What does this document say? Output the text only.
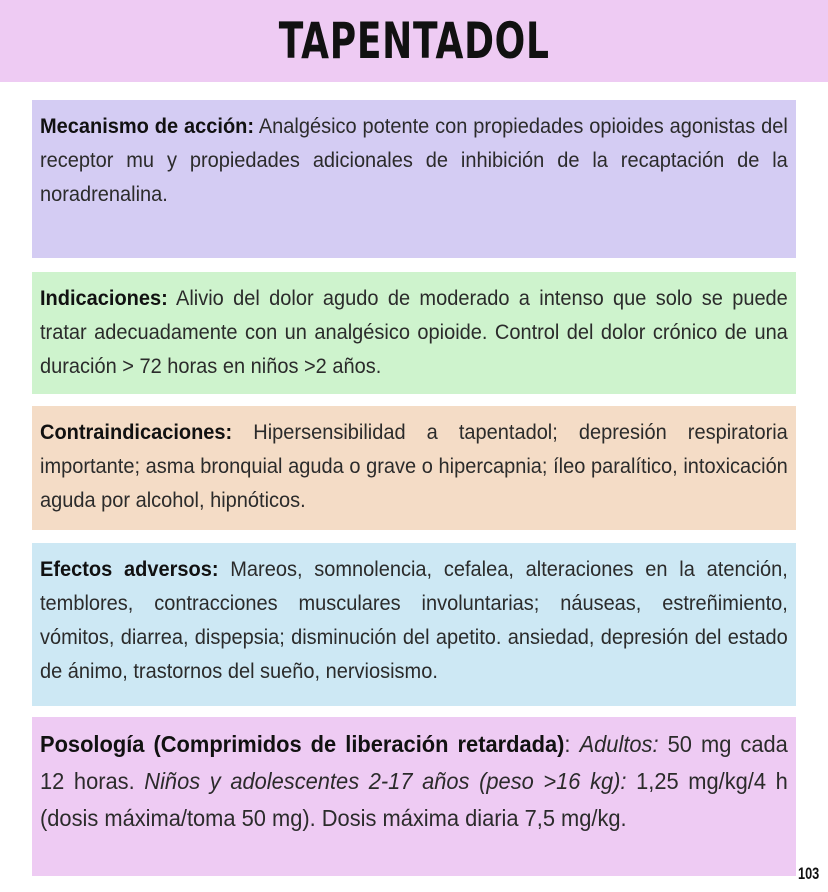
TAPENTADOL
Mecanismo de acción: Analgésico potente con propiedades opioides agonistas del receptor mu y propiedades adicionales de inhibición de la recaptación de la noradrenalina.
Indicaciones: Alivio del dolor agudo de moderado a intenso que solo se puede tratar adecuadamente con un analgésico opioide. Control del dolor crónico de una duración > 72 horas en niños >2 años.
Contraindicaciones: Hipersensibilidad a tapentadol; depresión respiratoria importante; asma bronquial aguda o grave o hipercapnia; íleo paralítico, intoxicación aguda por alcohol, hipnóticos.
Efectos adversos: Mareos, somnolencia, cefalea, alteraciones en la atención, temblores, contracciones musculares involuntarias; náuseas, estreñimiento, vómitos, diarrea, dispepsia; disminución del apetito. ansiedad, depresión del estado de ánimo, trastornos del sueño, nerviosismo.
Posología (Comprimidos de liberación retardada): Adultos: 50 mg cada 12 horas. Niños y adolescentes 2-17 años (peso >16 kg): 1,25 mg/kg/4 h (dosis máxima/toma 50 mg). Dosis máxima diaria 7,5 mg/kg.
103
